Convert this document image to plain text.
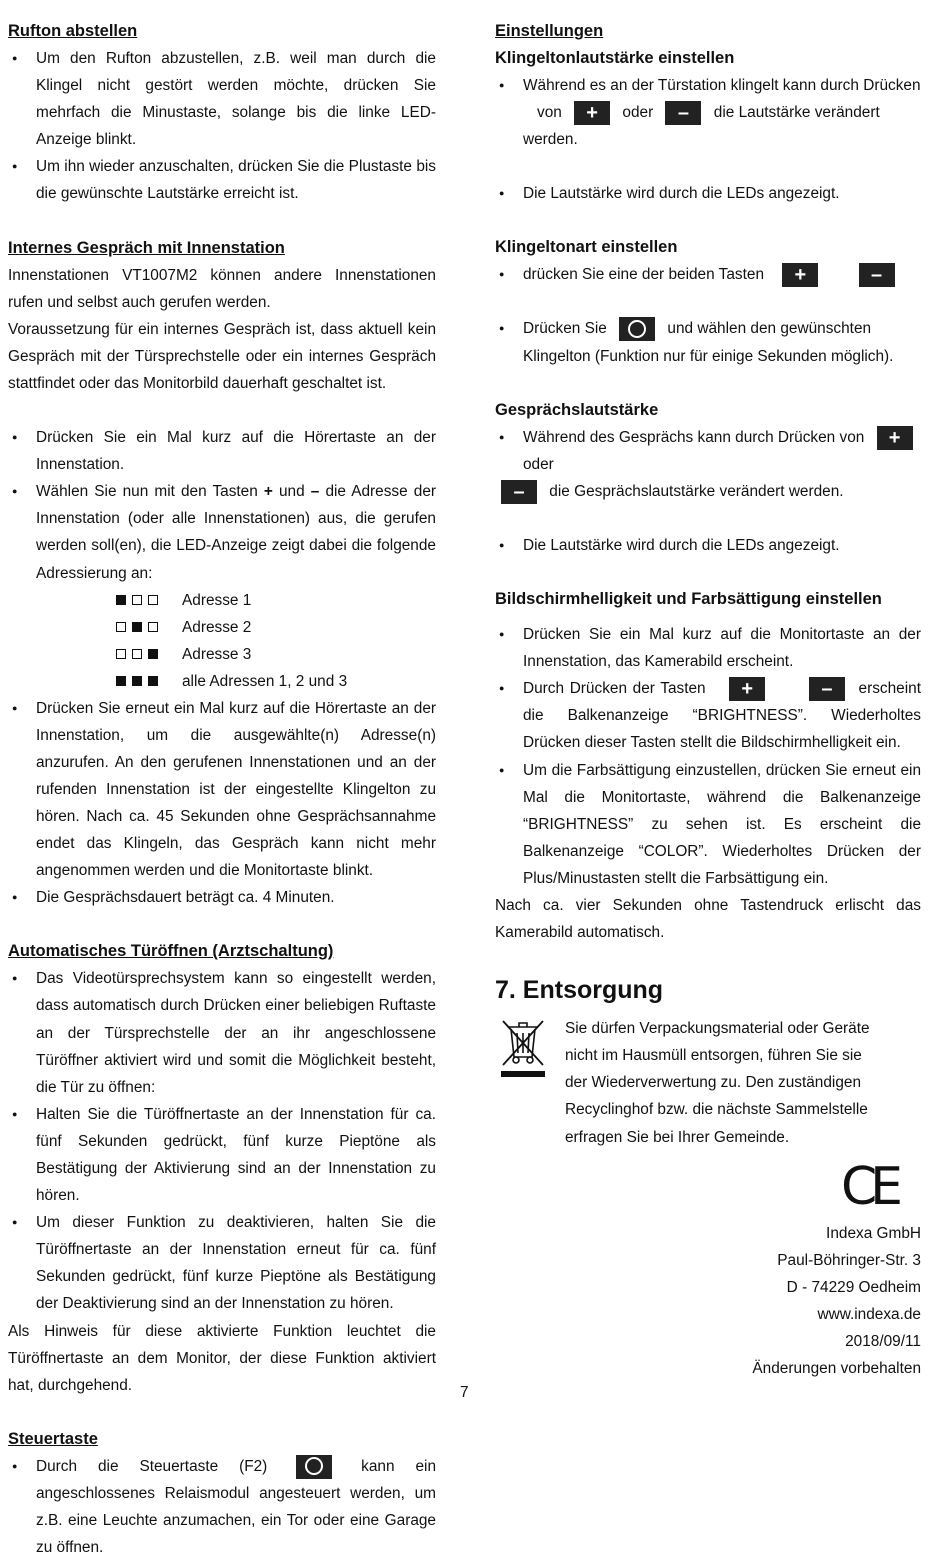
Rufton abstellen
● Um den Rufton abzustellen, z.B. weil man durch die Klingel nicht gestört werden möchte, drücken Sie mehrfach die Minustaste, solange bis die linke LED-Anzeige blinkt.
● Um ihn wieder anzuschalten, drücken Sie die Plustaste bis die gewünschte Lautstärke erreicht ist.
Internes Gespräch mit Innenstation

Innenstationen VT1007M2 können andere Innenstationen rufen und selbst auch gerufen werden.

Voraussetzung für ein internes Gespräch ist, dass aktuell kein Gespräch mit der Türsprechstelle oder ein internes Gespräch stattfindet oder das Monitorbild dauerhaft geschaltet ist.

● Drücken Sie ein Mal kurz auf die Hörertaste an der Innenstation.
● Wählen Sie nun mit den Tasten + und – die Adresse der Innenstation (oder alle Innenstationen) aus, die gerufen werden soll(en), die LED-Anzeige zeigt dabei die folgende Adressierung an:
Adresse 1
Adresse 2
Adresse 3
alle Adressen 1, 2 und 3
● Drücken Sie erneut ein Mal kurz auf die Hörertaste an der Innenstation, um die ausgewählte(n) Adresse(n) anzurufen. An den gerufenen Innenstationen und an der rufenden Innenstation ist der eingestellte Klingelton zu hören. Nach ca. 45 Sekunden ohne Gesprächsannahme endet das Klingeln, das Gespräch kann nicht mehr angenommen werden und die Monitortaste blinkt.
● Die Gesprächsdauert beträgt ca. 4 Minuten.
Automatisches Türöffnen (Arztschaltung)
● Das Videotürsprechsystem kann so eingestellt werden, dass automatisch durch Drücken einer beliebigen Ruftaste an der Türsprechstelle der an ihr angeschlossene Türöffner aktiviert wird und somit die Möglichkeit besteht, die Tür zu öffnen:
● Halten Sie die Türöffnertaste an der Innenstation für ca. fünf Sekunden gedrückt, fünf kurze Pieptöne als Bestätigung der Aktivierung sind an der Innenstation zu hören.
● Um dieser Funktion zu deaktivieren, halten Sie die Türöffnertaste an der Innenstation erneut für ca. fünf Sekunden gedrückt, fünf kurze Pieptöne als Bestätigung der Deaktivierung sind an der Innenstation zu hören.

Als Hinweis für diese aktivierte Funktion leuchtet die Türöffnertaste an dem Monitor, der diese Funktion aktiviert hat, durchgehend.

Steuertaste
● Durch die Steuertaste (F2)	kann ein angeschlossenes Relaismodul angesteuert werden, um z.B. eine Leuchte anzumachen, ein Tor oder eine Garage zu öffnen.
Einstellungen
Klingeltonlautstärke einstellen
● Während es an der Türstation klingelt kann durch Drücken
von + oder – die Lautstärke verändert werden.
● Die Lautstärke wird durch die LEDs angezeigt.
Klingeltonart einstellen
● drücken Sie eine der beiden Tasten +	–
● Drücken Sie	und wählen den gewünschten Klingelton (Funktion nur für einige Sekunden möglich).
Gesprächslautstärke
● Während des Gesprächs kann durch Drücken von + oder
– die Gesprächslautstärke verändert werden.
● Die Lautstärke wird durch die LEDs angezeigt.
Bildschirmhelligkeit und Farbsättigung einstellen
● Drücken Sie ein Mal kurz auf die Monitortaste an der Innenstation, das Kamerabild erscheint.
● Durch Drücken der Tasten +	– erscheint die Balkenanzeige “BRIGHTNESS”. Wiederholtes Drücken dieser Tasten stellt die Bildschirmhelligkeit ein.
● Um die Farbsättigung einzustellen, drücken Sie erneut ein Mal die Monitortaste, während die Balkenanzeige “BRIGHTNESS” zu sehen ist. Es erscheint die Balkenanzeige “COLOR”. Wiederholtes Drücken der Plus/Minustasten stellt die Farbsättigung ein.

Nach ca. vier Sekunden ohne Tastendruck erlischt das Kamerabild automatisch.

7. Entsorgung
Sie dürfen Verpackungsmaterial oder Geräte nicht im Hausmüll entsorgen, führen Sie sie der Wiederverwertung zu. Den zuständigen Recyclinghof bzw. die nächste Sammelstelle erfragen Sie bei Ihrer Gemeinde.
CE
Indexa GmbH
Paul-Böhringer-Str. 3
D - 74229 Oedheim
www.indexa.de
2018/09/11
Änderungen vorbehalten
7
